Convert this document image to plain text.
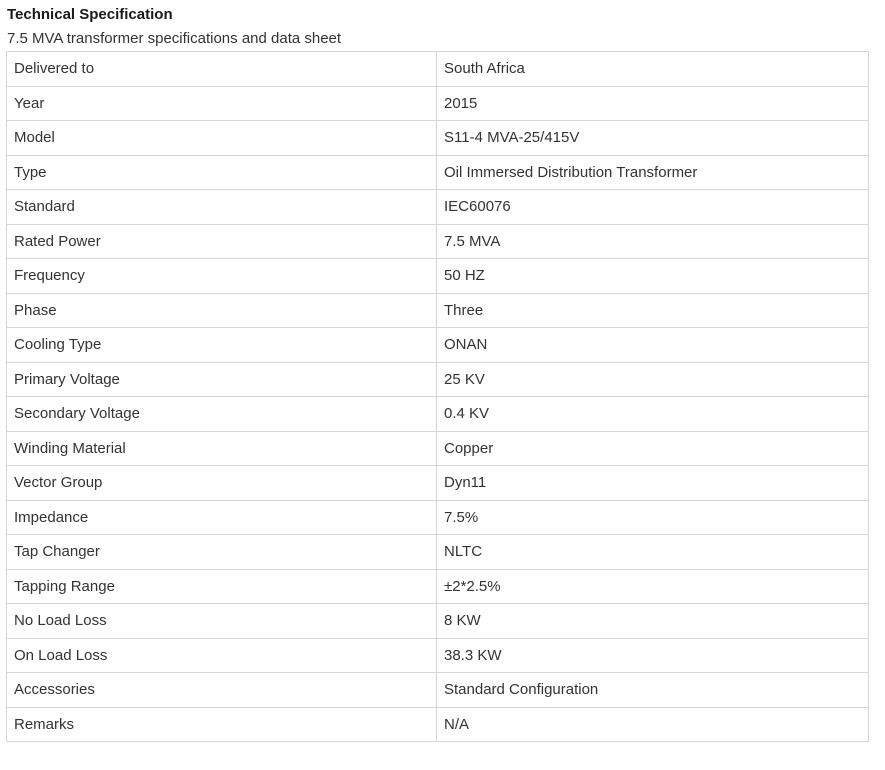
Technical Specification

7.5 MVA transformer specifications and data sheet

Delivered to	South Africa
Year	2015
Model	S11-4 MVA-25/415V
Type	Oil Immersed Distribution Transformer
Standard	IEC60076
Rated Power	7.5 MVA
Frequency	50 HZ
Phase	Three
Cooling Type	ONAN
Primary Voltage	25 KV
Secondary Voltage	0.4 KV
Winding Material	Copper
Vector Group	Dyn11
Impedance	7.5%
Tap Changer	NLTC
Tapping Range	±2*2.5%
No Load Loss	8 KW
On Load Loss	38.3 KW
Accessories	Standard Configuration
Remarks	N/A
